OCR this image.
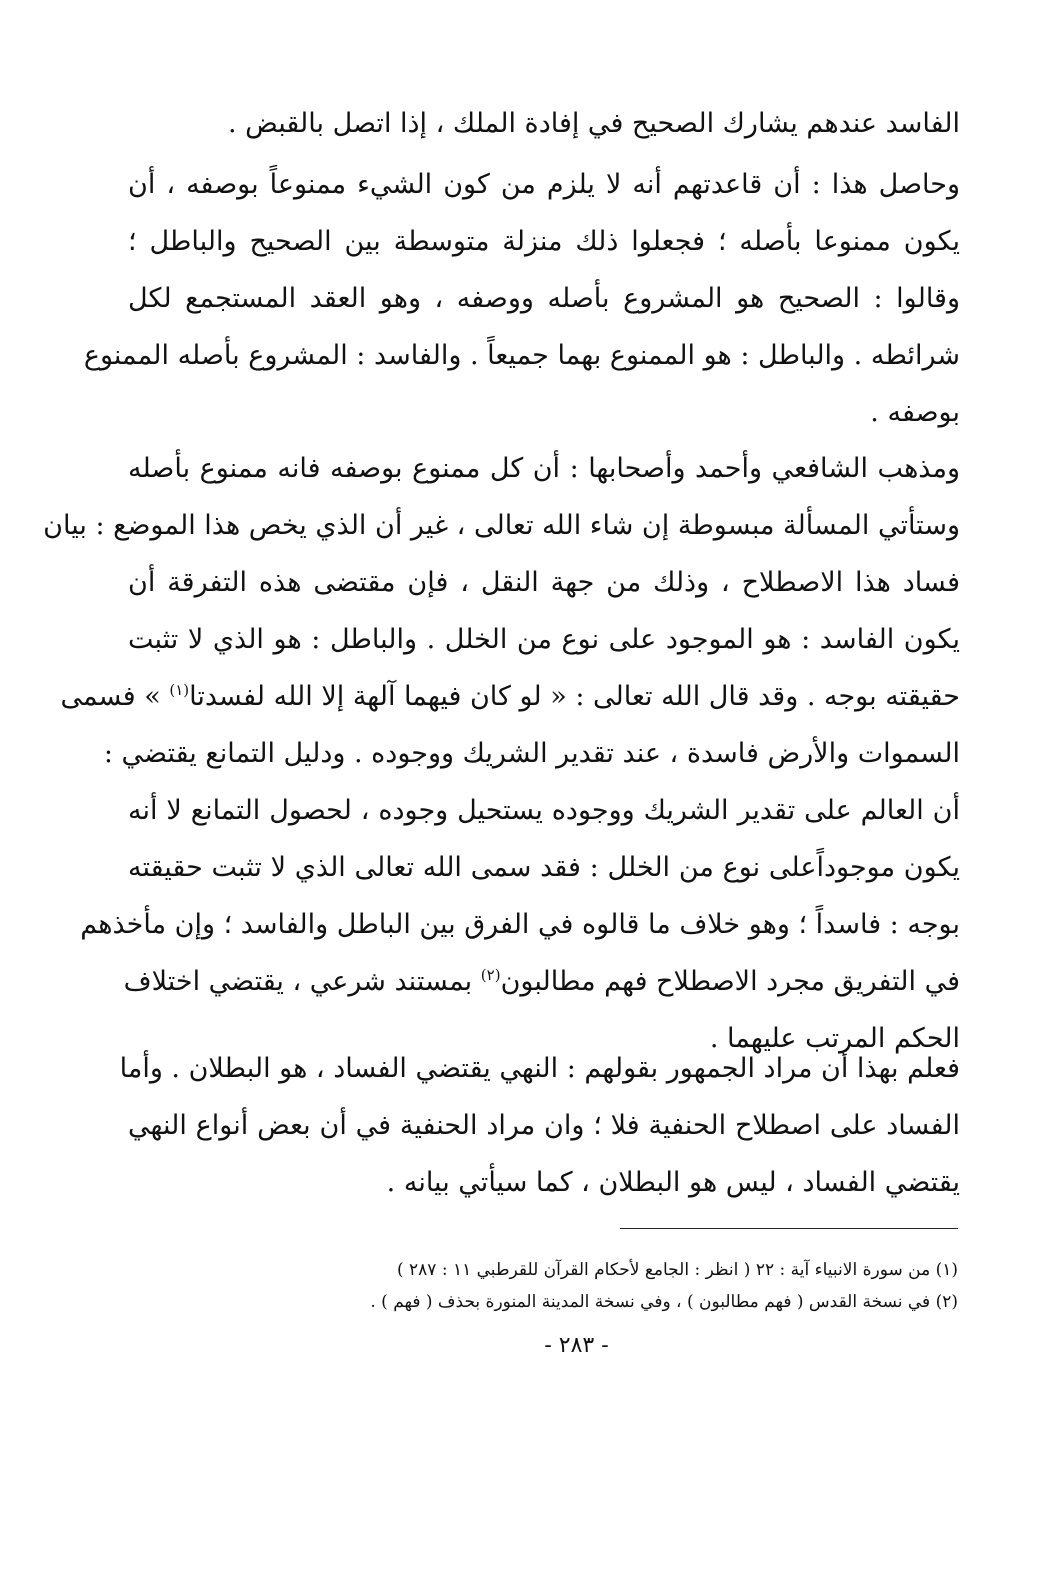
الفاسد عندهم يشارك الصحيح في إفادة الملك ، إذا اتصل بالقبض .
وحاصل هذا : أن قاعدتهم أنه لا يلزم من كون الشيء ممنوعاً بوصفه ، أن
يكون ممنوعا بأصله ؛ فجعلوا ذلك منزلة متوسطة بين الصحيح والباطل ؛
وقالوا : الصحيح هو المشروع بأصله ووصفه ، وهو العقد المستجمع لكل
شرائطه . والباطل : هو الممنوع بهما جميعاً . والفاسد : المشروع بأصله الممنوع
بوصفه .
ومذهب الشافعي وأحمد وأصحابها : أن كل ممنوع بوصفه فانه ممنوع بأصله
وستأتي المسألة مبسوطة إن شاء الله تعالى ، غير أن الذي يخص هذا الموضع : بيان
فساد هذا الاصطلاح ، وذلك من جهة النقل ، فإن مقتضى هذه التفرقة أن
يكون الفاسد : هو الموجود على نوع من الخلل . والباطل : هو الذي لا تثبت
حقيقته بوجه . وقد قال الله تعالى : « لو كان فيهما آلهة إلا الله لفسدتا$^{(١)}$ » فسمى
السموات والأرض فاسدة ، عند تقدير الشريك ووجوده . ودليل التمانع يقتضي :
أن العالم على تقدير الشريك ووجوده يستحيل وجوده ، لحصول التمانع لا أنه
يكون موجوداًعلى نوع من الخلل : فقد سمى الله تعالى الذي لا تثبت حقيقته
بوجه : فاسداً ؛ وهو خلاف ما قالوه في الفرق بين الباطل والفاسد ؛ وإن مأخذهم
في التفريق مجرد الاصطلاح فهم مطالبون$^{(٢)}$ بمستند شرعي ، يقتضي اختلاف
الحكم المرتب عليهما .
فعلم بهذا أن مراد الجمهور بقولهم : النهي يقتضي الفساد ، هو البطلان . وأما
الفساد على اصطلاح الحنفية فلا ؛ وان مراد الحنفية في أن بعض أنواع النهي
يقتضي الفساد ، ليس هو البطلان ، كما سيأتي بيانه .
(١) من سورة الانبياء آية : ٢٢ ( انظر : الجامع لأحكام القرآن للقرطبي ١١ : ٢٨٧ )
(٢) في نسخة القدس ( فهم مطالبون ) ، وفي نسخة المدينة المنورة بحذف ( فهم ) .
- ٢٨٣ -
